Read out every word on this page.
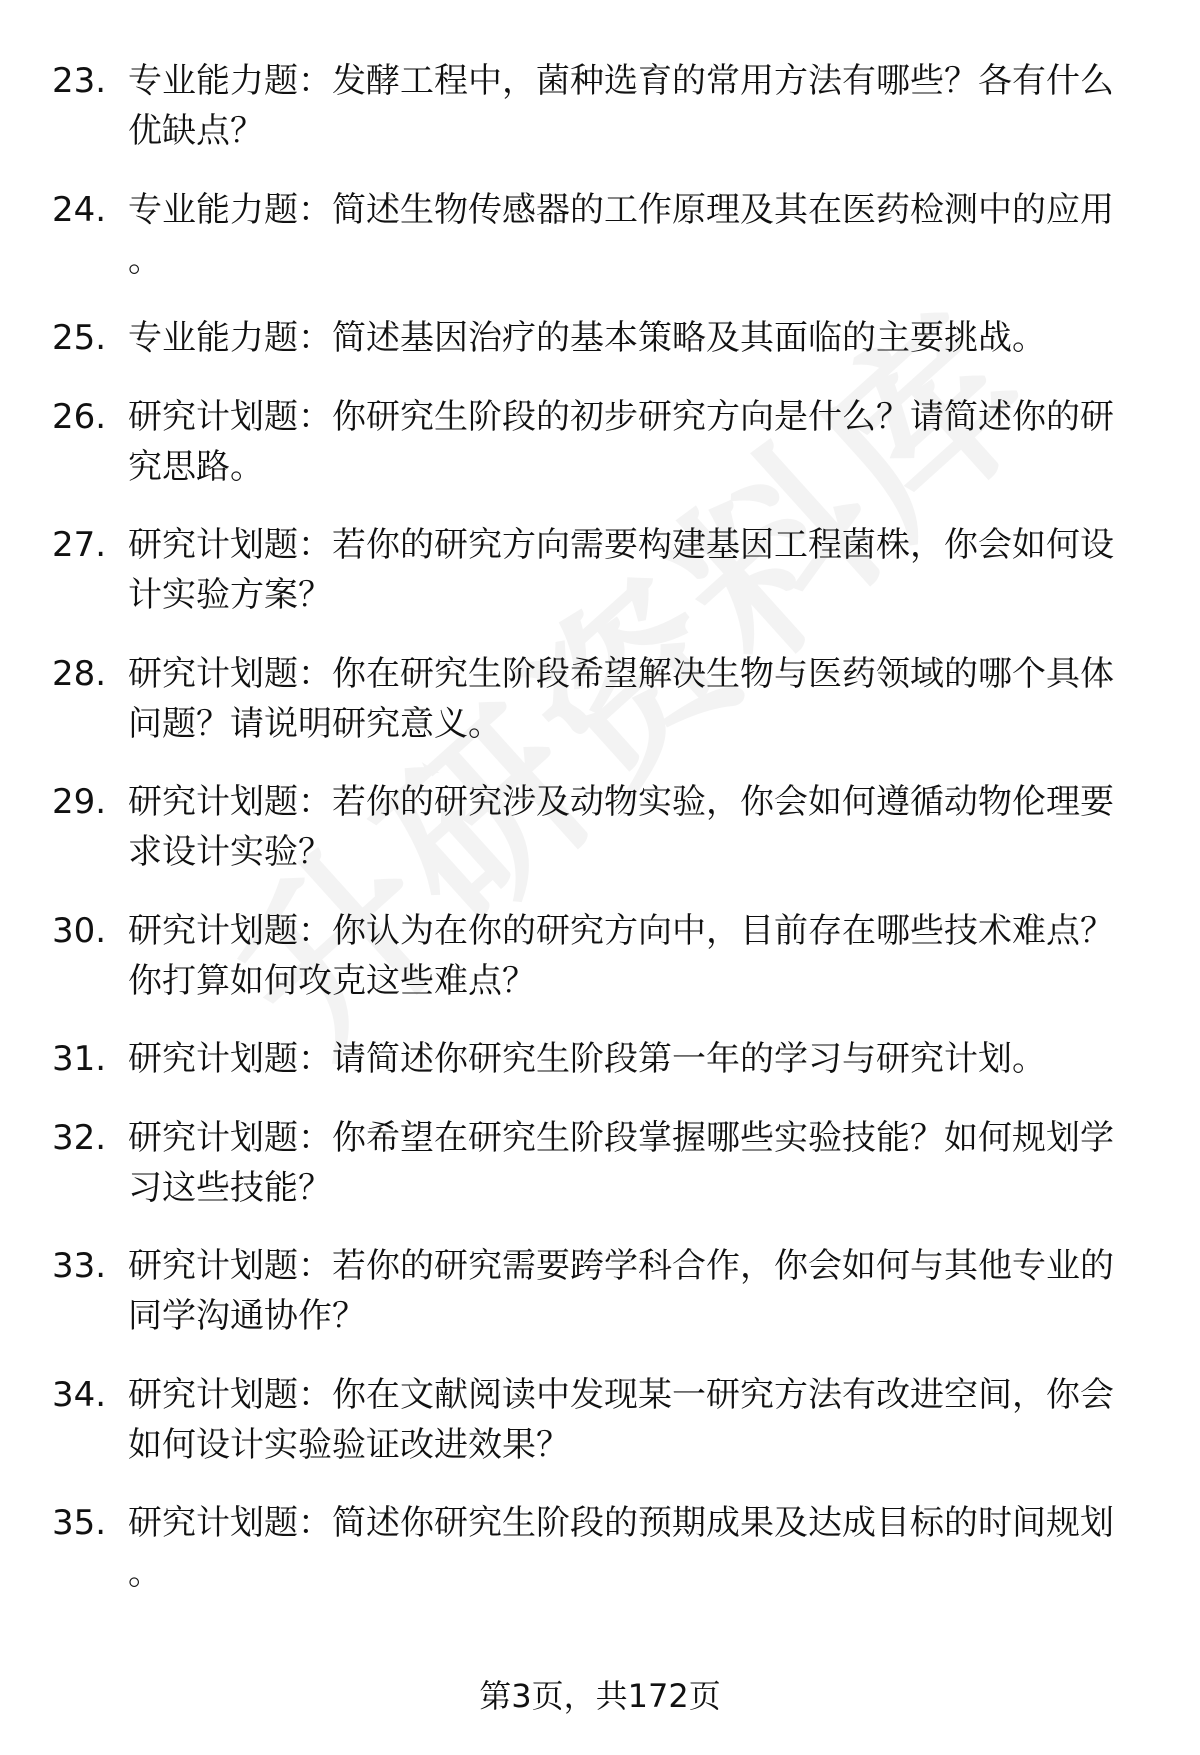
23. 专业能力题：发酵工程中，菌种选育的常用方法有哪些？各有什么优缺点？
24. 专业能力题：简述生物传感器的工作原理及其在医药检测中的应用。
25. 专业能力题：简述基因治疗的基本策略及其面临的主要挑战。
26. 研究计划题：你研究生阶段的初步研究方向是什么？请简述你的研究思路。
27. 研究计划题：若你的研究方向需要构建基因工程菌株，你会如何设计实验方案？
28. 研究计划题：你在研究生阶段希望解决生物与医药领域的哪个具体问题？请说明研究意义。
29. 研究计划题：若你的研究涉及动物实验，你会如何遵循动物伦理要求设计实验？
30. 研究计划题：你认为在你的研究方向中，目前存在哪些技术难点？你打算如何攻克这些难点？
31. 研究计划题：请简述你研究生阶段第一年的学习与研究计划。
32. 研究计划题：你希望在研究生阶段掌握哪些实验技能？如何规划学习这些技能？
33. 研究计划题：若你的研究需要跨学科合作，你会如何与其他专业的同学沟通协作？
34. 研究计划题：你在文献阅读中发现某一研究方法有改进空间，你会如何设计实验验证改进效果？
35. 研究计划题：简述你研究生阶段的预期成果及达成目标的时间规划。
第3页，共172页
